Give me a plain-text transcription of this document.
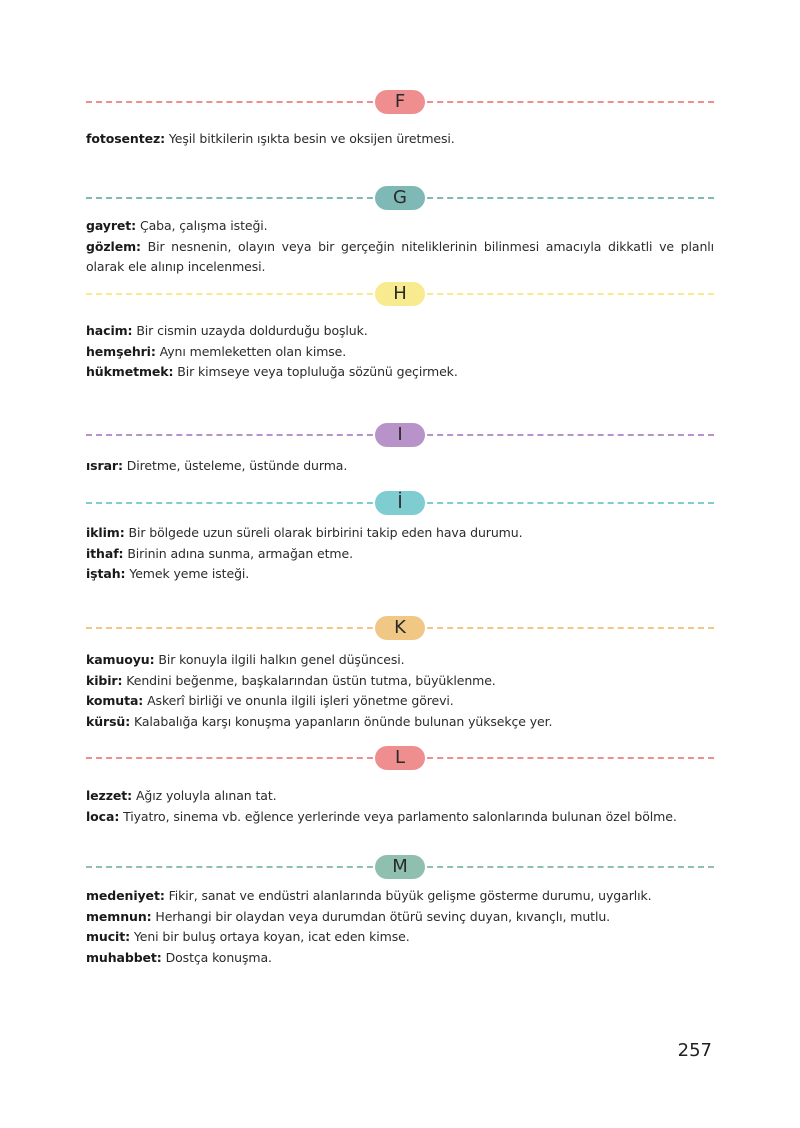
F
fotosentez: Yeşil bitkilerin ışıkta besin ve oksijen üretmesi.
G
gayret: Çaba, çalışma isteği.
gözlem: Bir nesnenin, olayın veya bir gerçeğin niteliklerinin bilinmesi amacıyla dikkatli ve planlı olarak ele alınıp incelenmesi.
H
hacim: Bir cismin uzayda doldurduğu boşluk.
hemşehri: Aynı memleketten olan kimse.
hükmetmek: Bir kimseye veya topluluğa sözünü geçirmek.
I
ısrar: Diretme, üsteleme, üstünde durma.
İ
iklim: Bir bölgede uzun süreli olarak birbirini takip eden hava durumu.
ithaf: Birinin adına sunma, armağan etme.
iştah: Yemek yeme isteği.
K
kamuoyu: Bir konuyla ilgili halkın genel düşüncesi.
kibir: Kendini beğenme, başkalarından üstün tutma, büyüklenme.
komuta: Askerî birliği ve onunla ilgili işleri yönetme görevi.
kürsü: Kalabalığa karşı konuşma yapanların önünde bulunan yüksekçe yer.
L
lezzet: Ağız yoluyla alınan tat.
loca: Tiyatro, sinema vb. eğlence yerlerinde veya parlamento salonlarında bulunan özel bölme.
M
medeniyet: Fikir, sanat ve endüstri alanlarında büyük gelişme gösterme durumu, uygarlık.
memnun: Herhangi bir olaydan veya durumdan ötürü sevinç duyan, kıvançlı, mutlu.
mucit: Yeni bir buluş ortaya koyan, icat eden kimse.
muhabbet: Dostça konuşma.
257
